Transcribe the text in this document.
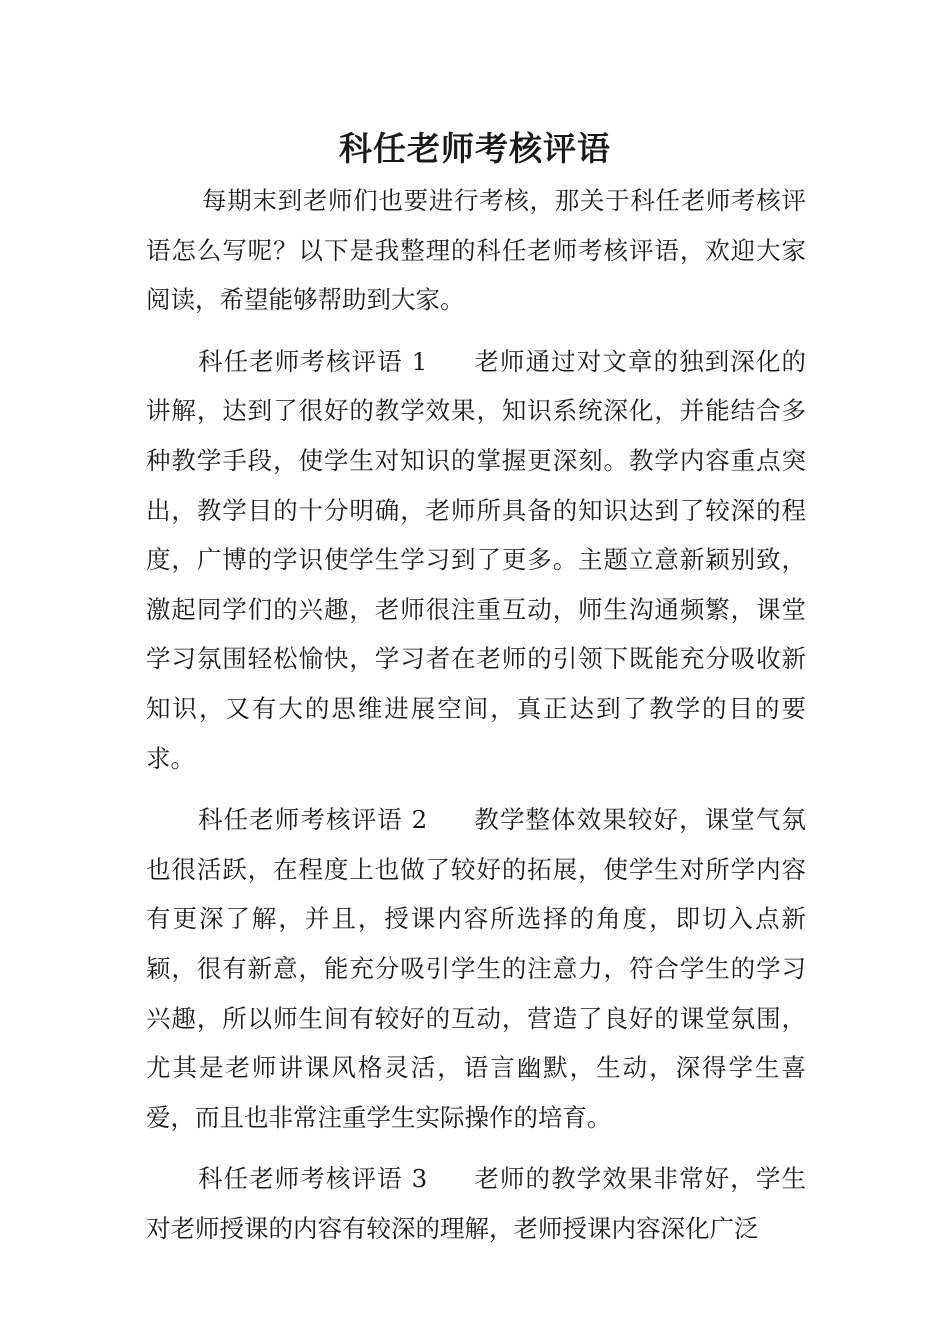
科任老师考核评语

每期末到老师们也要进行考核，那关于科任老师考核评语怎么写呢？以下是我整理的科任老师考核评语，欢迎大家阅读，希望能够帮助到大家。

科任老师考核评语 1 老师通过对文章的独到深化的讲解，达到了很好的教学效果，知识系统深化，并能结合多种教学手段，使学生对知识的掌握更深刻。教学内容重点突出，教学目的十分明确，老师所具备的知识达到了较深的程度，广博的学识使学生学习到了更多。主题立意新颖别致，激起同学们的兴趣，老师很注重互动，师生沟通频繁，课堂学习氛围轻松愉快，学习者在老师的引领下既能充分吸收新知识，又有大的思维进展空间，真正达到了教学的目的要求。

科任老师考核评语 2 教学整体效果较好，课堂气氛也很活跃，在程度上也做了较好的拓展，使学生对所学内容有更深了解，并且，授课内容所选择的角度，即切入点新颖，很有新意，能充分吸引学生的注意力，符合学生的学习兴趣，所以师生间有较好的互动，营造了良好的课堂氛围，尤其是老师讲课风格灵活，语言幽默，生动，深得学生喜爱，而且也非常注重学生实际操作的培育。

科任老师考核评语 3 老师的教学效果非常好，学生对老师授课的内容有较深的理解，老师授课内容深化广泛
